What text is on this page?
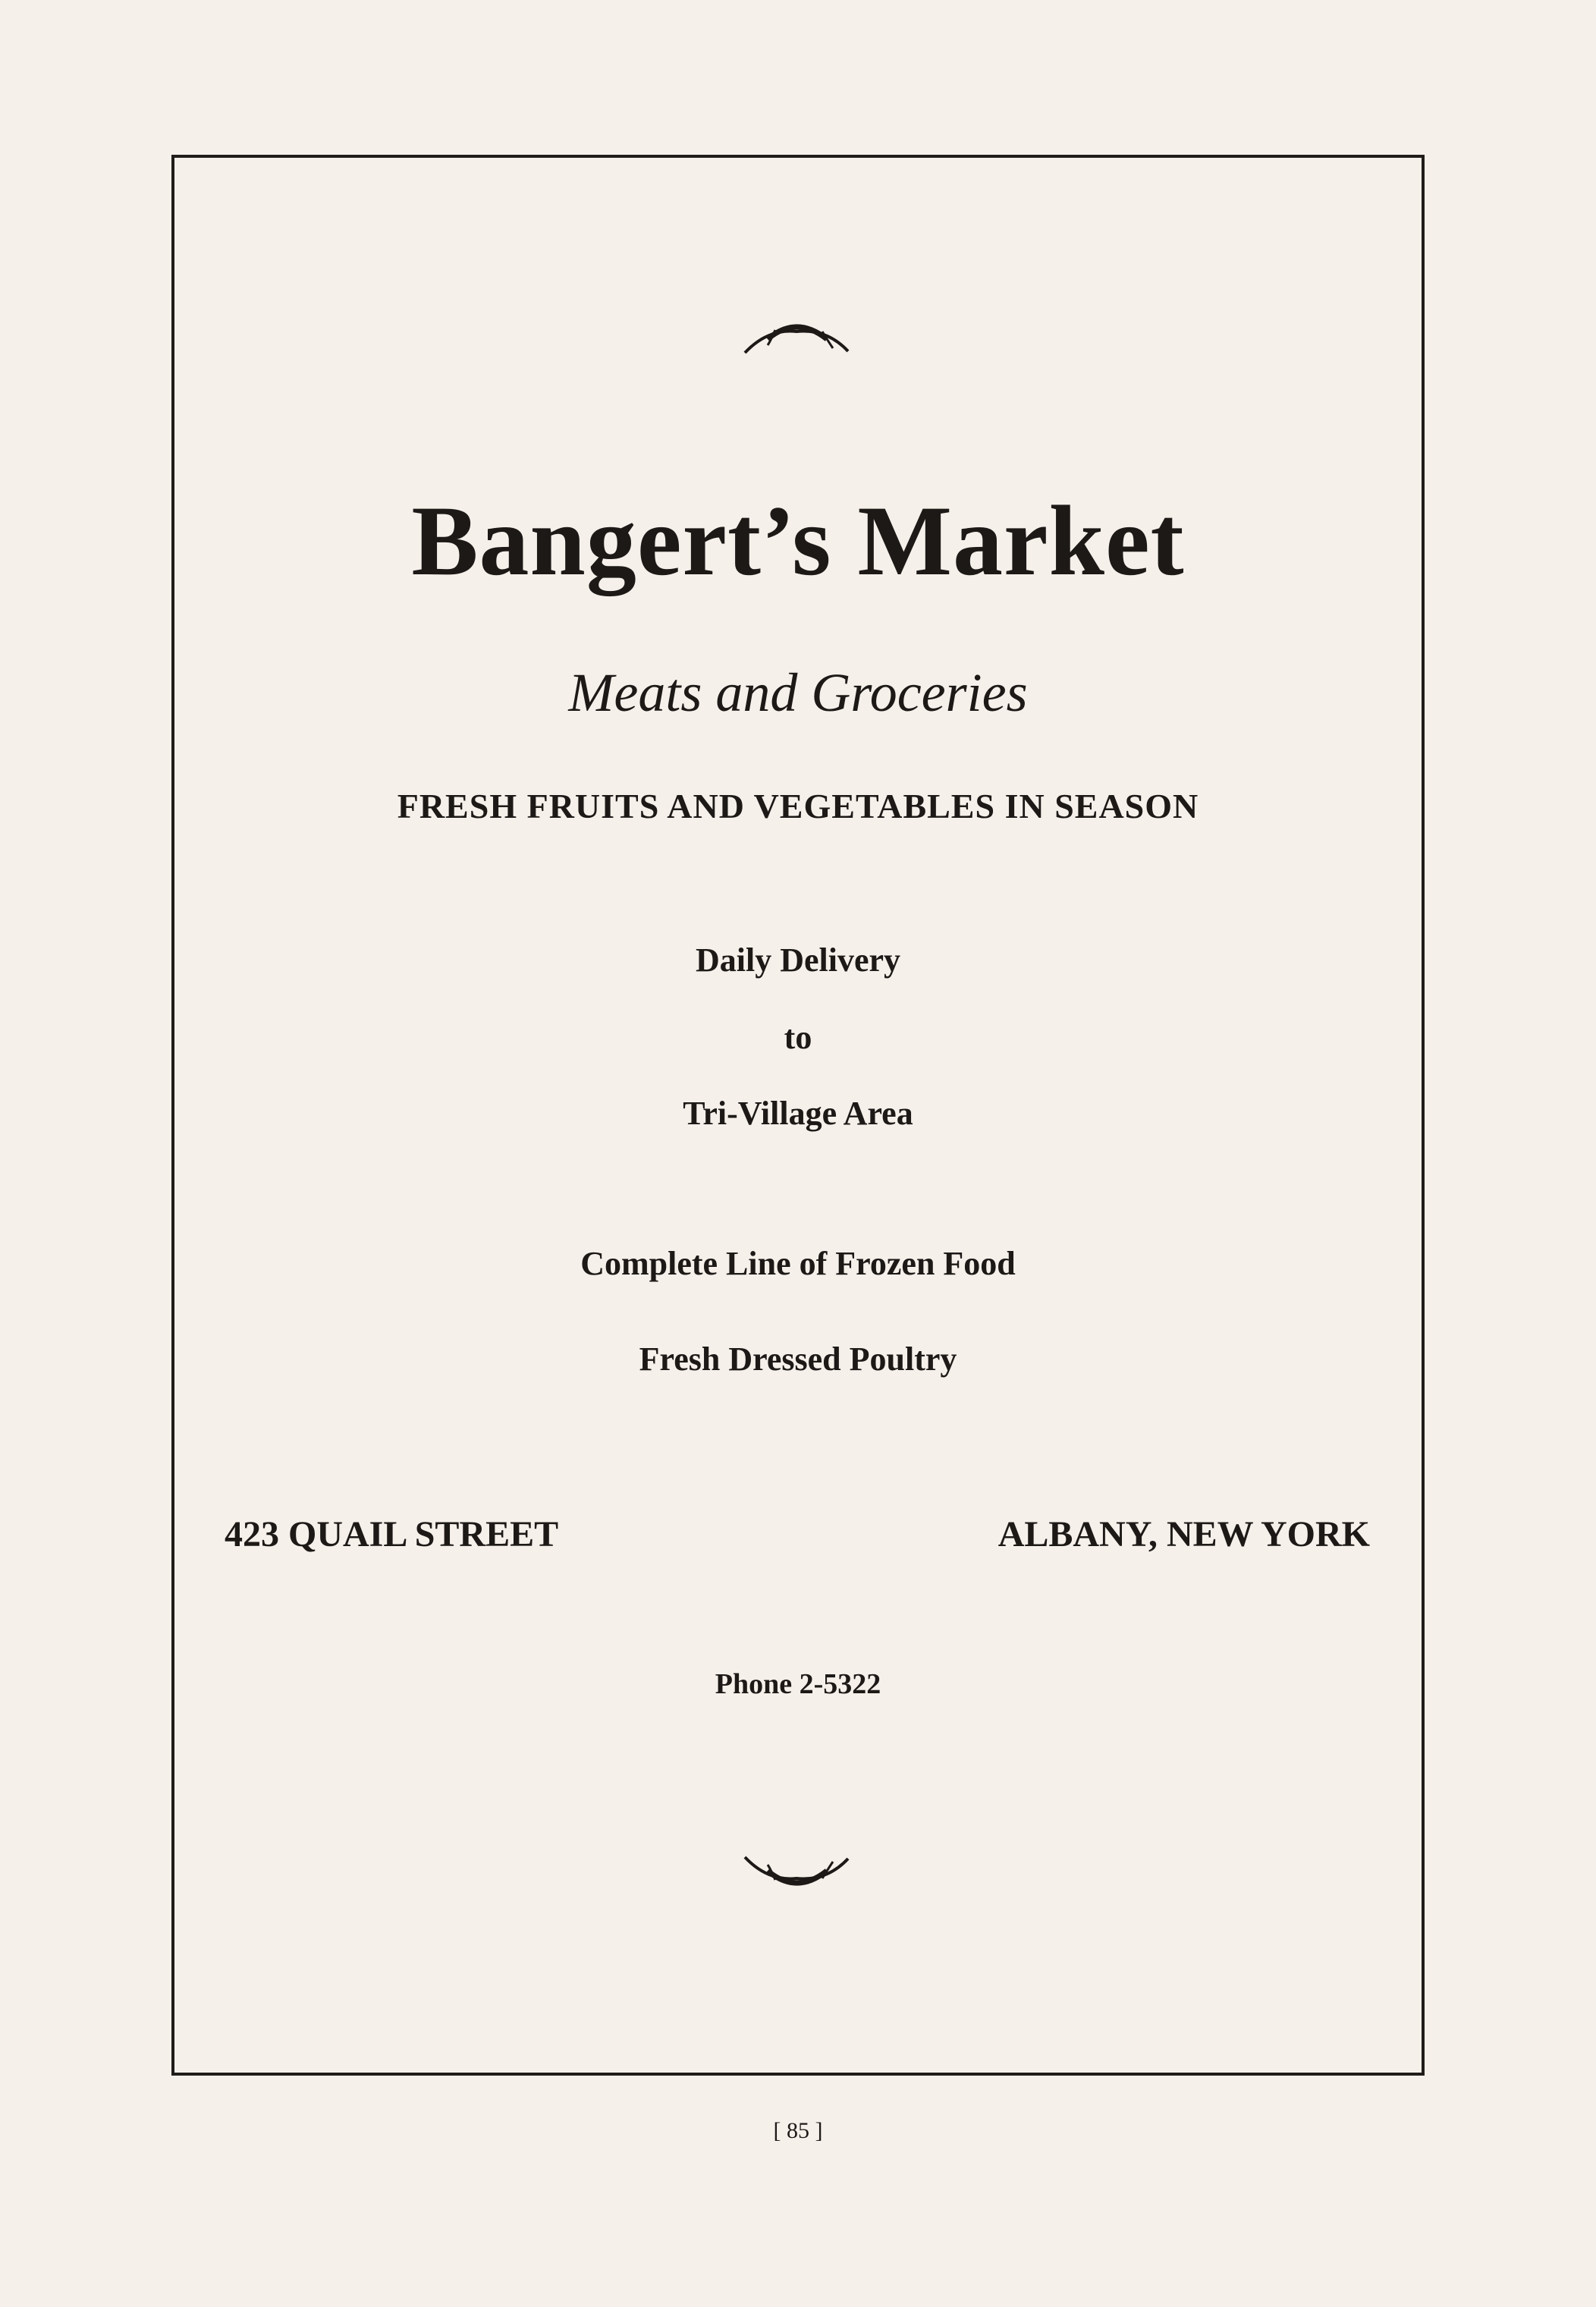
Bangert’s Market
Meats and Groceries
FRESH FRUITS AND VEGETABLES IN SEASON
Daily Delivery
to
Tri-Village Area
Complete Line of Frozen Food
Fresh Dressed Poultry
423 QUAIL STREET	ALBANY, NEW YORK
Phone 2-5322
[ 85 ]
